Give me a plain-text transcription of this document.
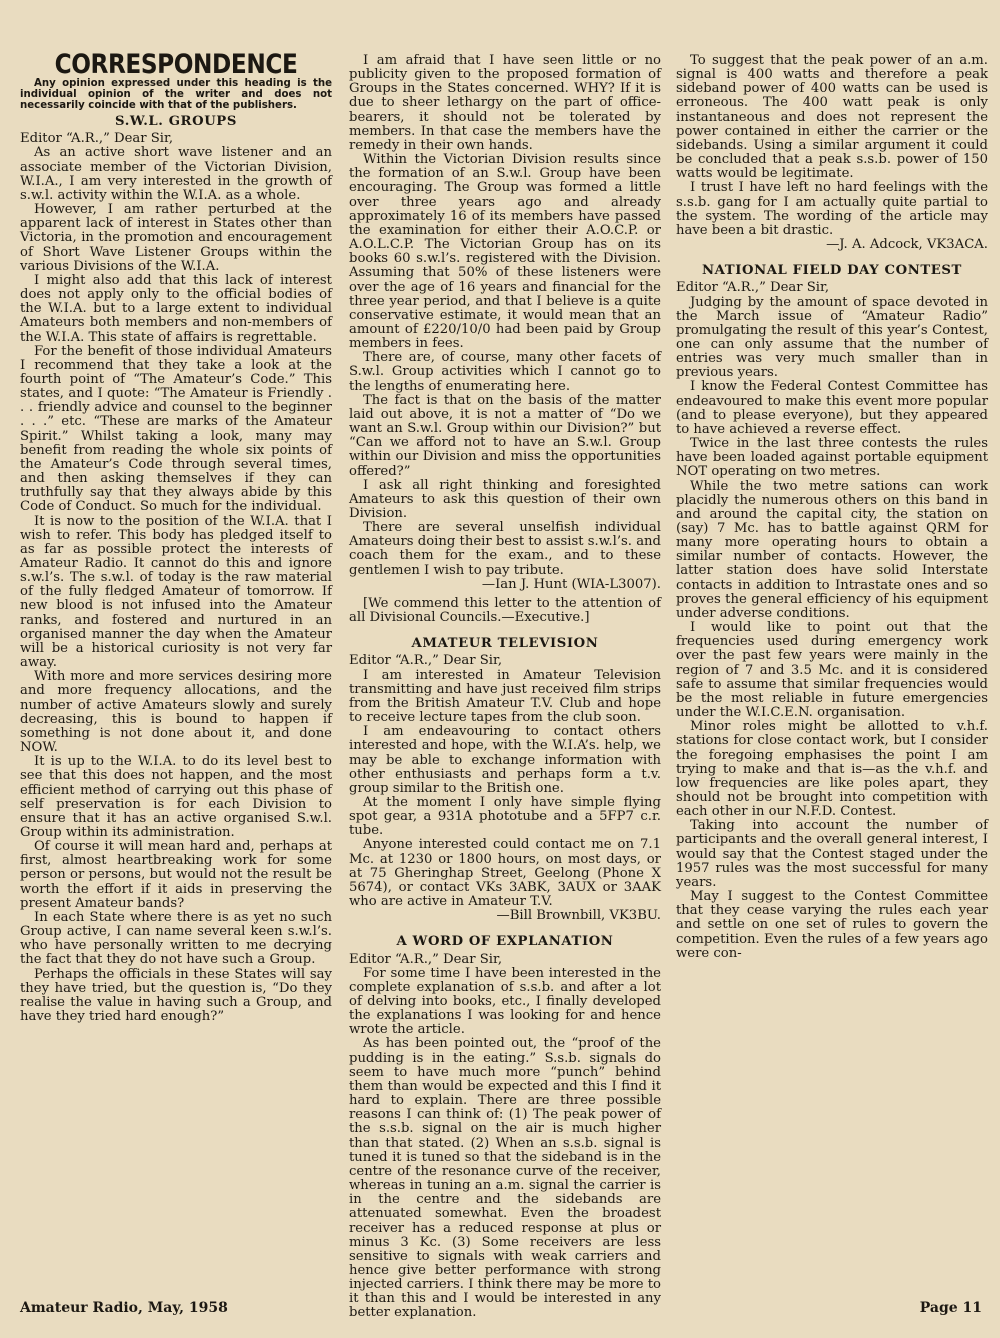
CORRESPONDENCE

Any opinion expressed under this heading is the individual opinion of the writer and does not necessarily coincide with that of the publishers.

S.W.L. GROUPS

Editor “A.R.,” Dear Sir,

As an active short wave listener and an associate member of the Victorian Division, W.I.A., I am very interested in the growth of s.w.l. activity within the W.I.A. as a whole.

However, I am rather perturbed at the apparent lack of interest in States other than Victoria, in the promotion and encouragement of Short Wave Listener Groups within the various Divisions of the W.I.A.

I might also add that this lack of interest does not apply only to the official bodies of the W.I.A. but to a large extent to individual Amateurs both members and non-members of the W.I.A. This state of affairs is regrettable.

For the benefit of those individual Amateurs I recommend that they take a look at the fourth point of “The Amateur’s Code.” This states, and I quote: “The Amateur is Friendly . . . friendly advice and counsel to the beginner . . .” etc. “These are marks of the Amateur Spirit.” Whilst taking a look, many may benefit from reading the whole six points of the Amateur’s Code through several times, and then asking themselves if they can truthfully say that they always abide by this Code of Conduct. So much for the individual.

It is now to the position of the W.I.A. that I wish to refer. This body has pledged itself to as far as possible protect the interests of Amateur Radio. It cannot do this and ignore s.w.l’s. The s.w.l. of today is the raw material of the fully fledged Amateur of tomorrow. If new blood is not infused into the Amateur ranks, and fostered and nurtured in an organised manner the day when the Amateur will be a historical curiosity is not very far away.

With more and more services desiring more and more frequency allocations, and the number of active Amateurs slowly and surely decreasing, this is bound to happen if something is not done about it, and done NOW.

It is up to the W.I.A. to do its level best to see that this does not happen, and the most efficient method of carrying out this phase of self preservation is for each Division to ensure that it has an active organised S.w.l. Group within its administration.

Of course it will mean hard and, perhaps at first, almost heartbreaking work for some person or persons, but would not the result be worth the effort if it aids in preserving the present Amateur bands?

In each State where there is as yet no such Group active, I can name several keen s.w.l’s. who have personally written to me decrying the fact that they do not have such a Group.

Perhaps the officials in these States will say they have tried, but the question is, “Do they realise the value in having such a Group, and have they tried hard enough?”

I am afraid that I have seen little or no publicity given to the proposed formation of Groups in the States concerned. WHY? If it is due to sheer lethargy on the part of office-bearers, it should not be tolerated by members. In that case the members have the remedy in their own hands.

Within the Victorian Division results since the formation of an S.w.l. Group have been encouraging. The Group was formed a little over three years ago and already approximately 16 of its members have passed the examination for either their A.O.C.P. or A.O.L.C.P. The Victorian Group has on its books 60 s.w.l’s. registered with the Division. Assuming that 50% of these listeners were over the age of 16 years and financial for the three year period, and that I believe is a quite conservative estimate, it would mean that an amount of £220/10/0 had been paid by Group members in fees.

There are, of course, many other facets of S.w.l. Group activities which I cannot go to the lengths of enumerating here.

The fact is that on the basis of the matter laid out above, it is not a matter of “Do we want an S.w.l. Group within our Division?” but “Can we afford not to have an S.w.l. Group within our Division and miss the opportunities offered?”

I ask all right thinking and foresighted Amateurs to ask this question of their own Division.

There are several unselfish individual Amateurs doing their best to assist s.w.l’s. and coach them for the exam., and to these gentlemen I wish to pay tribute.

—Ian J. Hunt (WIA-L3007).

[We commend this letter to the attention of all Divisional Councils.—Executive.]

AMATEUR TELEVISION

Editor “A.R.,” Dear Sir,

I am interested in Amateur Television transmitting and have just received film strips from the British Amateur T.V. Club and hope to receive lecture tapes from the club soon.

I am endeavouring to contact others interested and hope, with the W.I.A’s. help, we may be able to exchange information with other enthusiasts and perhaps form a t.v. group similar to the British one.

At the moment I only have simple flying spot gear, a 931A phototube and a 5FP7 c.r. tube.

Anyone interested could contact me on 7.1 Mc. at 1230 or 1800 hours, on most days, or at 75 Gheringhap Street, Geelong (Phone X 5674), or contact VKs 3ABK, 3AUX or 3AAK who are active in Amateur T.V.

—Bill Brownbill, VK3BU.

A WORD OF EXPLANATION

Editor “A.R.,” Dear Sir,

For some time I have been interested in the complete explanation of s.s.b. and after a lot of delving into books, etc., I finally developed the explanations I was looking for and hence wrote the article.

As has been pointed out, the “proof of the pudding is in the eating.” S.s.b. signals do seem to have much more “punch” behind them than would be expected and this I find it hard to explain. There are three possible reasons I can think of: (1) The peak power of the s.s.b. signal on the air is much higher than that stated. (2) When an s.s.b. signal is tuned it is tuned so that the sideband is in the centre of the resonance curve of the receiver, whereas in tuning an a.m. signal the carrier is in the centre and the sidebands are attenuated somewhat. Even the broadest receiver has a reduced response at plus or minus 3 Kc. (3) Some receivers are less sensitive to signals with weak carriers and hence give better performance with strong injected carriers. I think there may be more to it than this and I would be interested in any better explanation.

To suggest that the peak power of an a.m. signal is 400 watts and therefore a peak sideband power of 400 watts can be used is erroneous. The 400 watt peak is only instantaneous and does not represent the power contained in either the carrier or the sidebands. Using a similar argument it could be concluded that a peak s.s.b. power of 150 watts would be legitimate.

I trust I have left no hard feelings with the s.s.b. gang for I am actually quite partial to the system. The wording of the article may have been a bit drastic.

—J. A. Adcock, VK3ACA.

NATIONAL FIELD DAY CONTEST

Editor “A.R.,” Dear Sir,

Judging by the amount of space devoted in the March issue of “Amateur Radio” promulgating the result of this year’s Contest, one can only assume that the number of entries was very much smaller than in previous years.

I know the Federal Contest Committee has endeavoured to make this event more popular (and to please everyone), but they appeared to have achieved a reverse effect.

Twice in the last three contests the rules have been loaded against portable equipment NOT operating on two metres.

While the two metre sations can work placidly the numerous others on this band in and around the capital city, the station on (say) 7 Mc. has to battle against QRM for many more operating hours to obtain a similar number of contacts. However, the latter station does have solid Interstate contacts in addition to Intrastate ones and so proves the general efficiency of his equipment under adverse conditions.

I would like to point out that the frequencies used during emergency work over the past few years were mainly in the region of 7 and 3.5 Mc. and it is considered safe to assume that similar frequencies would be the most reliable in future emergencies under the W.I.C.E.N. organisation.

Minor roles might be allotted to v.h.f. stations for close contact work, but I consider the foregoing emphasises the point I am trying to make and that is—as the v.h.f. and low frequencies are like poles apart, they should not be brought into competition with each other in our N.F.D. Contest.

Taking into account the number of participants and the overall general interest, I would say that the Contest staged under the 1957 rules was the most successful for many years.

May I suggest to the Contest Committee that they cease varying the rules each year and settle on one set of rules to govern the competition. Even the rules of a few years ago were con-

Amateur Radio, May, 1958	Page 11
